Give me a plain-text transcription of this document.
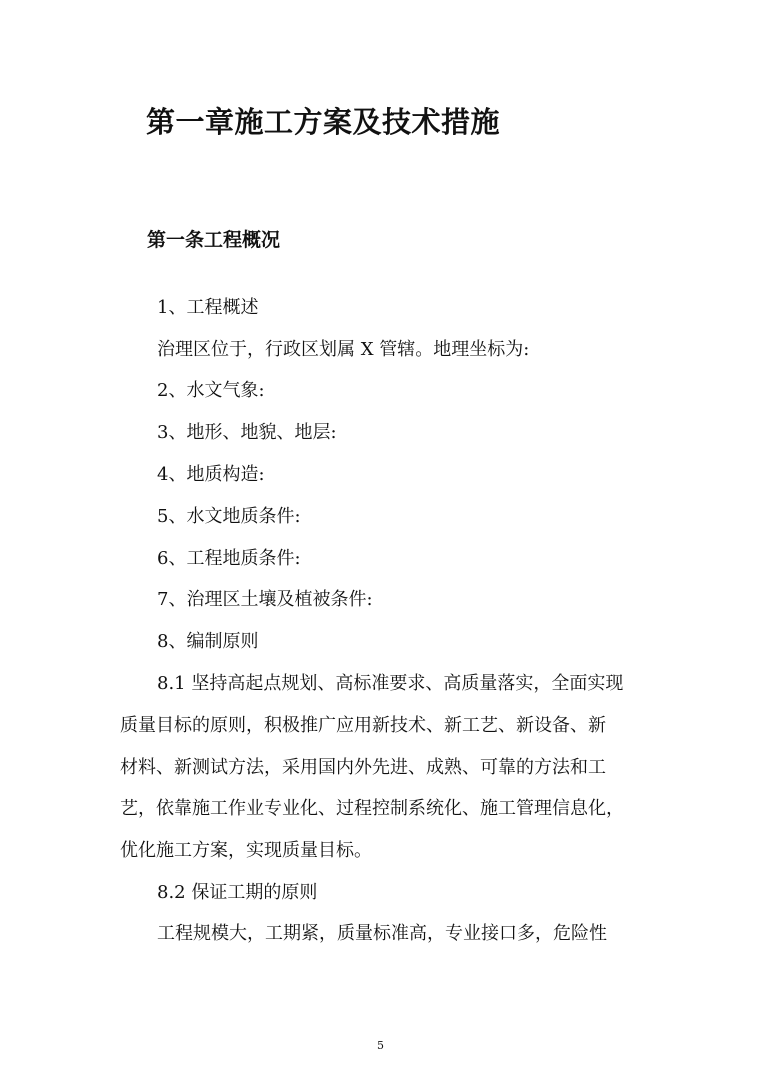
第一章施工方案及技术措施
第一条工程概况
1、工程概述
治理区位于，行政区划属 X 管辖。地理坐标为:
2、水文气象:
3、地形、地貌、地层:
4、地质构造:
5、水文地质条件:
6、工程地质条件:
7、治理区土壤及植被条件:
8、编制原则
8.1 坚持高起点规划、高标准要求、高质量落实，全面实现
质量目标的原则，积极推广应用新技术、新工艺、新设备、新
材料、新测试方法，采用国内外先进、成熟、可靠的方法和工
艺，依靠施工作业专业化、过程控制系统化、施工管理信息化，
优化施工方案，实现质量目标。
8.2 保证工期的原则
工程规模大，工期紧，质量标准高，专业接口多，危险性
5
